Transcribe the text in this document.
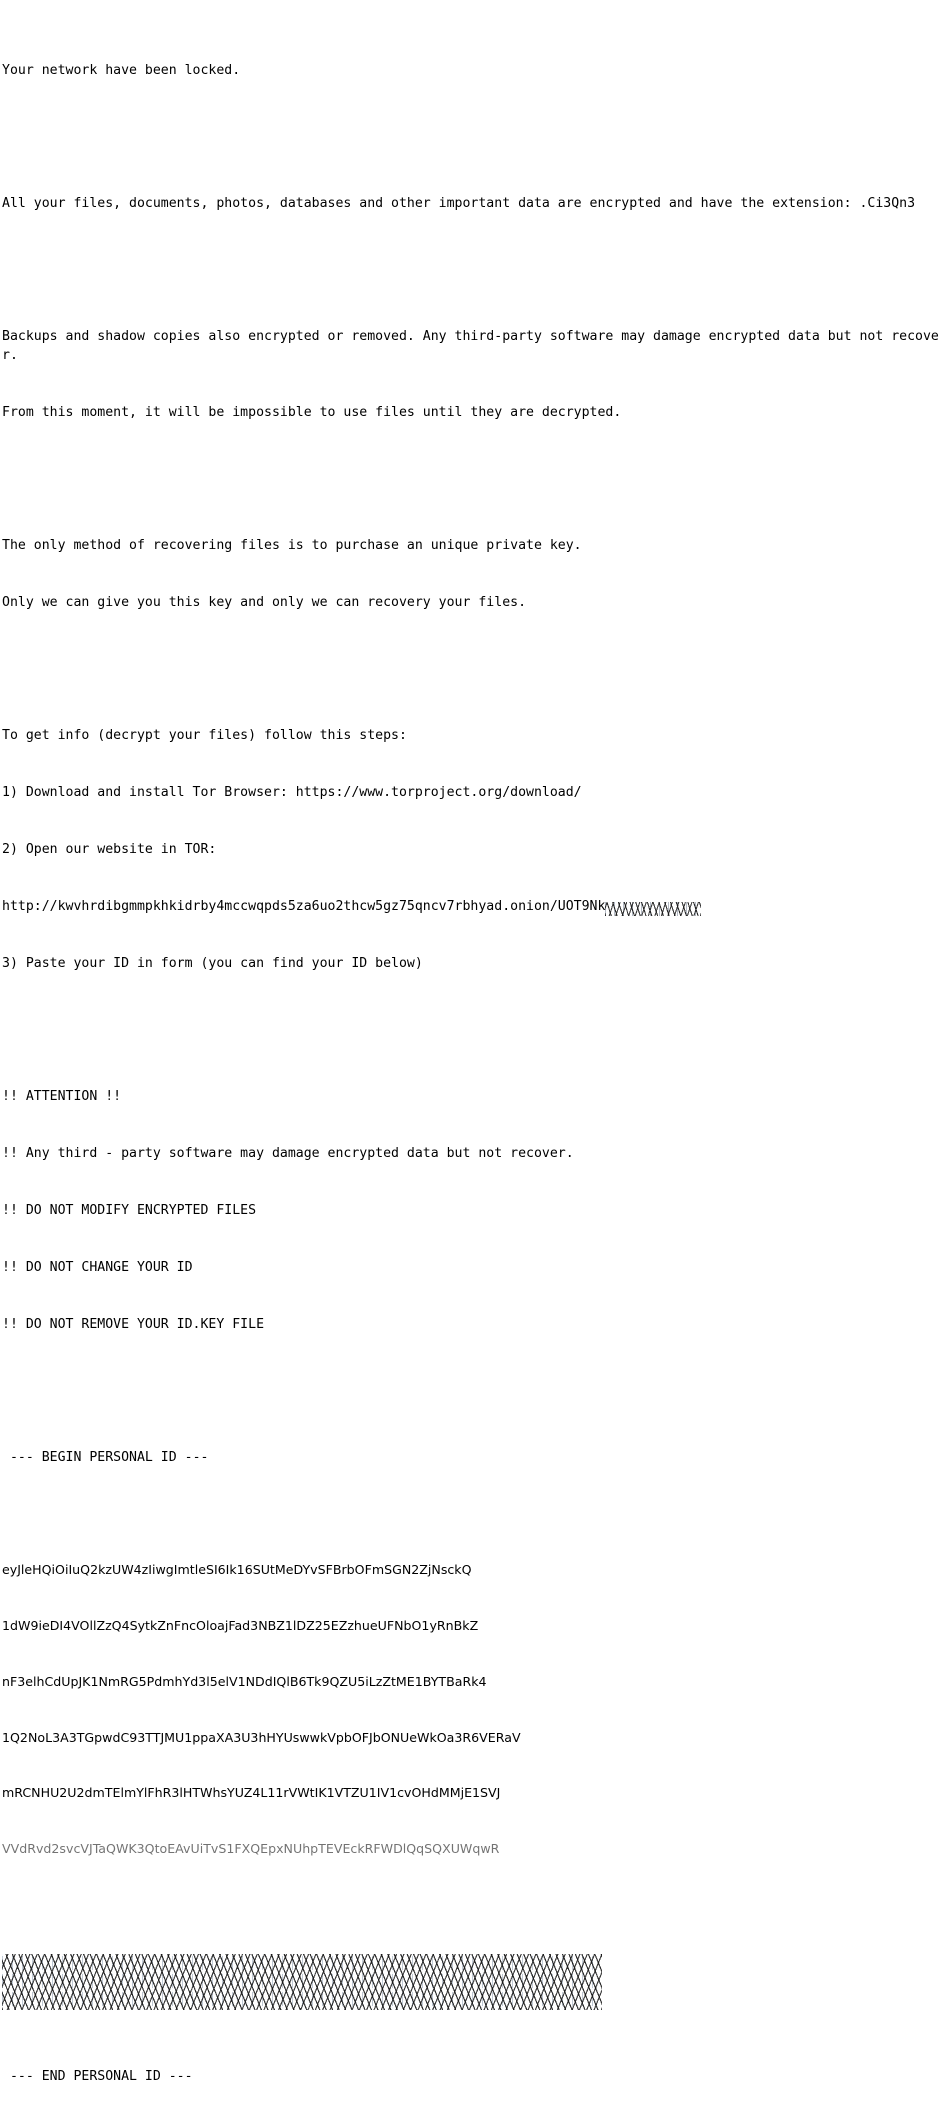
Your network have been locked.

All your files, documents, photos, databases and other important data are encrypted and have the extension: .Ci3Qn3

Backups and shadow copies also encrypted or removed. Any third-party software may damage encrypted data but not recover.

From this moment, it will be impossible to use files until they are decrypted.

The only method of recovering files is to purchase an unique private key.

Only we can give you this key and only we can recovery your files.

To get info (decrypt your files) follow this steps:

1) Download and install Tor Browser: https://www.torproject.org/download/

2) Open our website in TOR:

http://kwvhrdibgmmpkhkidrby4mccwqpds5za6uo2thcw5gz75qncv7rbhyad.onion/UOT9Nk

3) Paste your ID in form (you can find your ID below)

!! ATTENTION !!

!! Any third - party software may damage encrypted data but not recover.

!! DO NOT MODIFY ENCRYPTED FILES

!! DO NOT CHANGE YOUR ID

!! DO NOT REMOVE YOUR ID.KEY FILE

--- BEGIN PERSONAL ID ---

eyJleHQiOiIuQ2kzUW4zIiwgImtleSI6Ik16SUtMeDYvSFBrbOFmSGN2ZjNsckQ

1dW9ieDI4VOllZzQ4SytkZnFncOloajFad3NBZ1lDZ25EZzhueUFNbO1yRnBkZ

nF3elhCdUpJK1NmRG5PdmhYd3l5elV1NDdIQlB6Tk9QZU5iLzZtME1BYTBaRk4

1Q2NoL3A3TGpwdC93TTJMU1ppaXA3U3hHYUswwkVpbOFJbONUeWkOa3R6VERaV

mRCNHU2U2dmTElmYlFhR3lHTWhsYUZ4L11rVWtIK1VTZU1IV1cvOHdMMjE1SVJ

VVdRvd2svcVJTaQWK3QtoEAvUiTvS1FXQEpxNUhpTEVEckRFWDlQqSQXUWqwR

--- END PERSONAL ID ---
